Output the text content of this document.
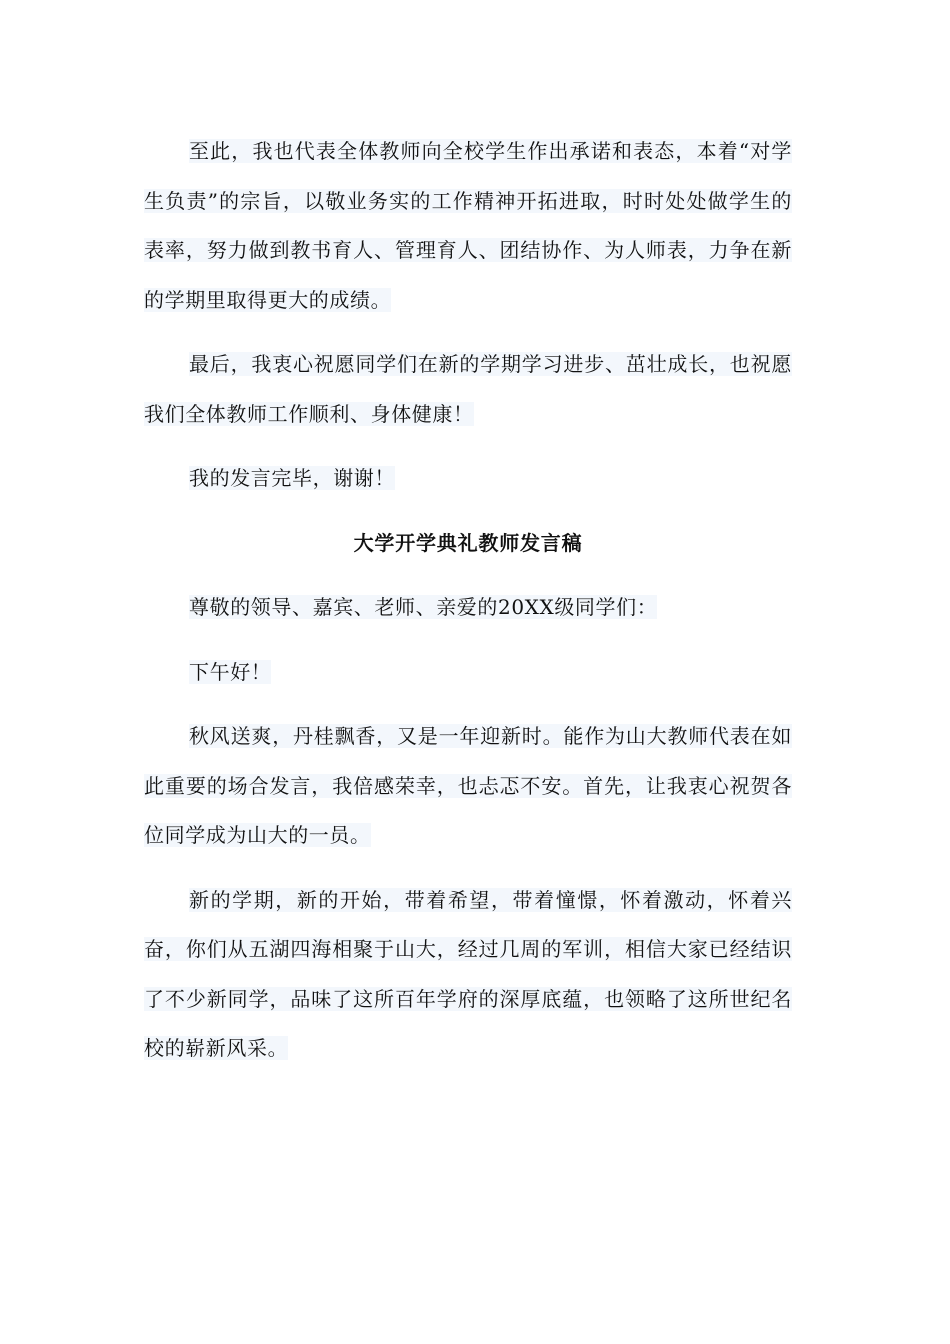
至此，我也代表全体教师向全校学生作出承诺和表态，本着“对学生负责”的宗旨，以敬业务实的工作精神开拓进取，时时处处做学生的表率，努力做到教书育人、管理育人、团结协作、为人师表，力争在新的学期里取得更大的成绩。

最后，我衷心祝愿同学们在新的学期学习进步、茁壮成长，也祝愿我们全体教师工作顺利、身体健康！

我的发言完毕，谢谢！

大学开学典礼教师发言稿

尊敬的领导、嘉宾、老师、亲爱的20XX级同学们：

下午好！

秋风送爽，丹桂飘香，又是一年迎新时。能作为山大教师代表在如此重要的场合发言，我倍感荣幸，也忐忑不安。首先，让我衷心祝贺各位同学成为山大的一员。

新的学期，新的开始，带着希望，带着憧憬，怀着激动，怀着兴奋，你们从五湖四海相聚于山大，经过几周的军训，相信大家已经结识了不少新同学，品味了这所百年学府的深厚底蕴，也领略了这所世纪名校的崭新风采。
